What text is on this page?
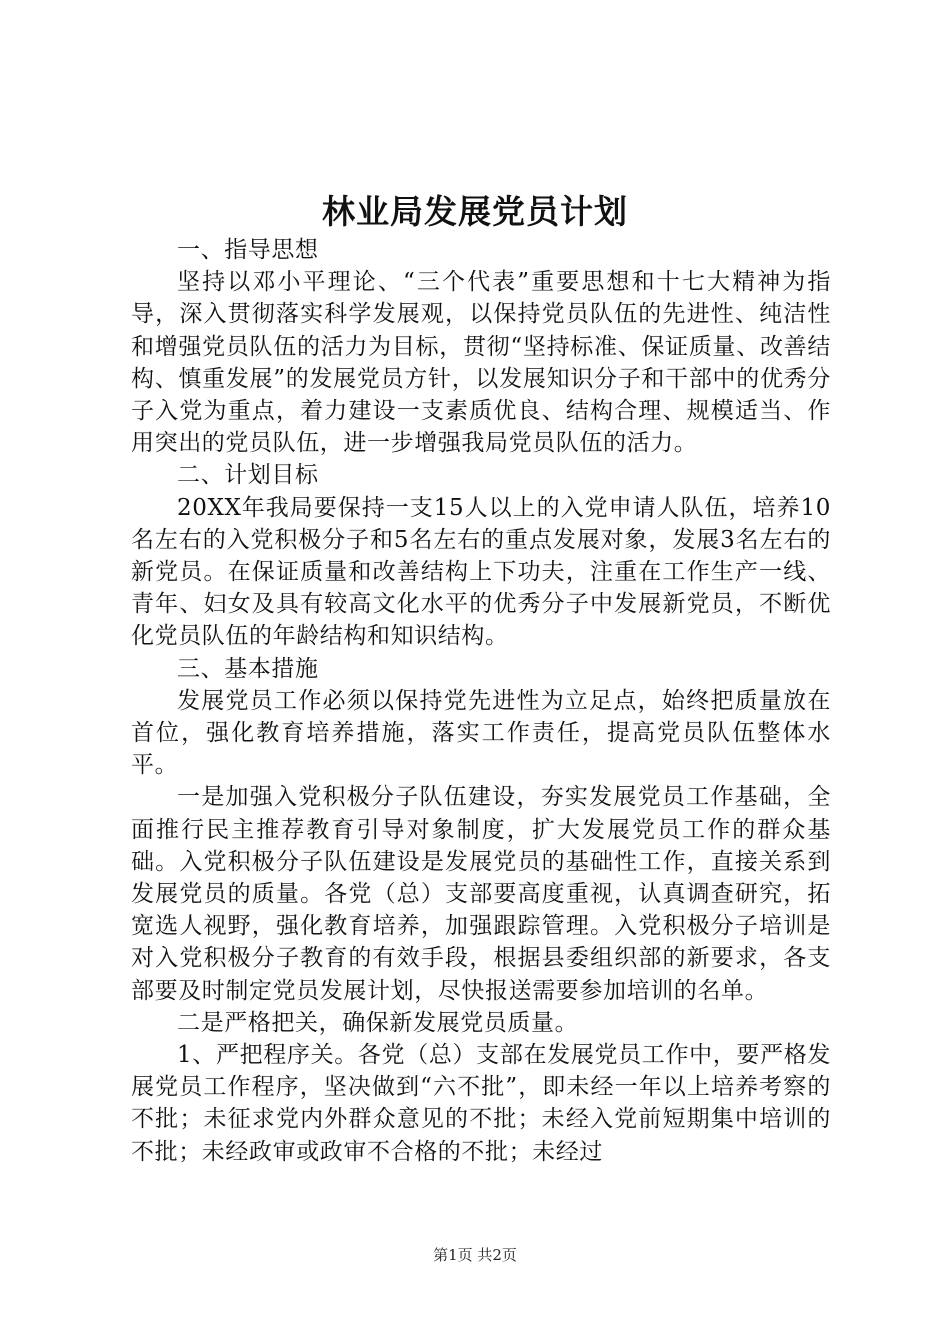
林业局发展党员计划

一、指导思想

坚持以邓小平理论、“三个代表”重要思想和十七大精神为指导，深入贯彻落实科学发展观，以保持党员队伍的先进性、纯洁性和增强党员队伍的活力为目标，贯彻“坚持标准、保证质量、改善结构、慎重发展”的发展党员方针，以发展知识分子和干部中的优秀分子入党为重点，着力建设一支素质优良、结构合理、规模适当、作用突出的党员队伍，进一步增强我局党员队伍的活力。

二、计划目标

20XX年我局要保持一支15人以上的入党申请人队伍，培养10名左右的入党积极分子和5名左右的重点发展对象，发展3名左右的新党员。在保证质量和改善结构上下功夫，注重在工作生产一线、青年、妇女及具有较高文化水平的优秀分子中发展新党员，不断优化党员队伍的年龄结构和知识结构。

三、基本措施

发展党员工作必须以保持党先进性为立足点，始终把质量放在首位，强化教育培养措施，落实工作责任，提高党员队伍整体水平。

一是加强入党积极分子队伍建设，夯实发展党员工作基础，全面推行民主推荐教育引导对象制度，扩大发展党员工作的群众基础。入党积极分子队伍建设是发展党员的基础性工作，直接关系到发展党员的质量。各党（总）支部要高度重视，认真调查研究，拓宽选人视野，强化教育培养，加强跟踪管理。入党积极分子培训是对入党积极分子教育的有效手段，根据县委组织部的新要求，各支部要及时制定党员发展计划，尽快报送需要参加培训的名单。

二是严格把关，确保新发展党员质量。

1、严把程序关。各党（总）支部在发展党员工作中，要严格发展党员工作程序，坚决做到“六不批”，即未经一年以上培养考察的不批；未征求党内外群众意见的不批；未经入党前短期集中培训的不批；未经政审或政审不合格的不批；未经过

第1页 共2页
